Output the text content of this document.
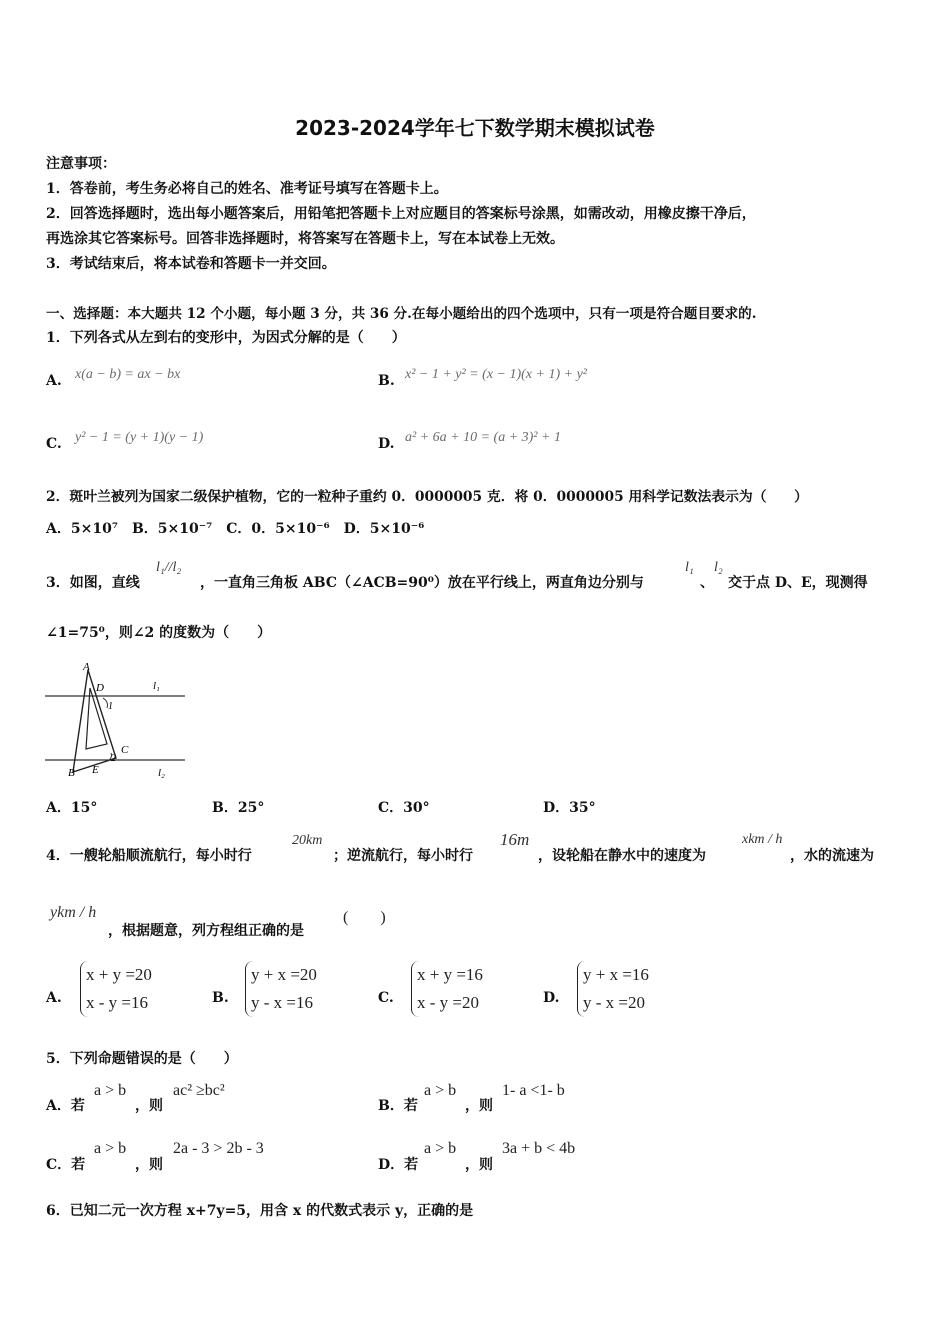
2023-2024学年七下数学期末模拟试卷
注意事项：
1．答卷前，考生务必将自己的姓名、准考证号填写在答题卡上。
2．回答选择题时，选出每小题答案后，用铅笔把答题卡上对应题目的答案标号涂黑，如需改动，用橡皮擦干净后，
再选涂其它答案标号。回答非选择题时，将答案写在答题卡上，写在本试卷上无效。
3．考试结束后，将本试卷和答题卡一并交回。
一、选择题：本大题共 12 个小题，每小题 3 分，共 36 分.在每小题给出的四个选项中，只有一项是符合题目要求的.
1．下列各式从左到右的变形中，为因式分解的是（　　）
A. x(a − b) = ax − bx	B. x² − 1 + y² = (x − 1)(x + 1) + y²
C. y² − 1 = (y + 1)(y − 1)	D. a² + 6a + 10 = (a + 3)² + 1
2．斑叶兰被列为国家二级保护植物，它的一粒种子重约 0．0000005 克．将 0．0000005 用科学记数法表示为（　　）
A．5×10⁷　B．5×10⁻⁷　C．0．5×10⁻⁶　D．5×10⁻⁶
3．如图，直线
l₁//l₂
，一直角三角板 ABC（∠ACB=90⁰）放在平行线上，两直角边分别与
l₁
、
l₂
交于点 D、E，现测得
∠1=75⁰，则∠2 的度数为（　　）
A
D	l₁
1
C
2
B E	l₂
A．15°	B．25°	C．30°	D．35°
4．一艘轮船顺流航行，每小时行
20km
；逆流航行，每小时行
16m
，设轮船在静水中的速度为
xkm / h
，水的流速为
ykm / h
，根据题意，列方程组正确的是
(　　)
A.
x + y =20
x - y =16	B.
y + x =20
y - x =16	C.
x + y =16
x - y =20	D.
y + x =16
y - x =20
5．下列命题错误的是（　　）
A．若
a > b
，则
ac² ≥bc²
B．若
a > b
，则
1- a <1- b
C．若
a > b
，则
2a - 3 > 2b - 3
D．若
a > b
，则
3a + b < 4b
6．已知二元一次方程 x+7y=5，用含 x 的代数式表示 y，正确的是
